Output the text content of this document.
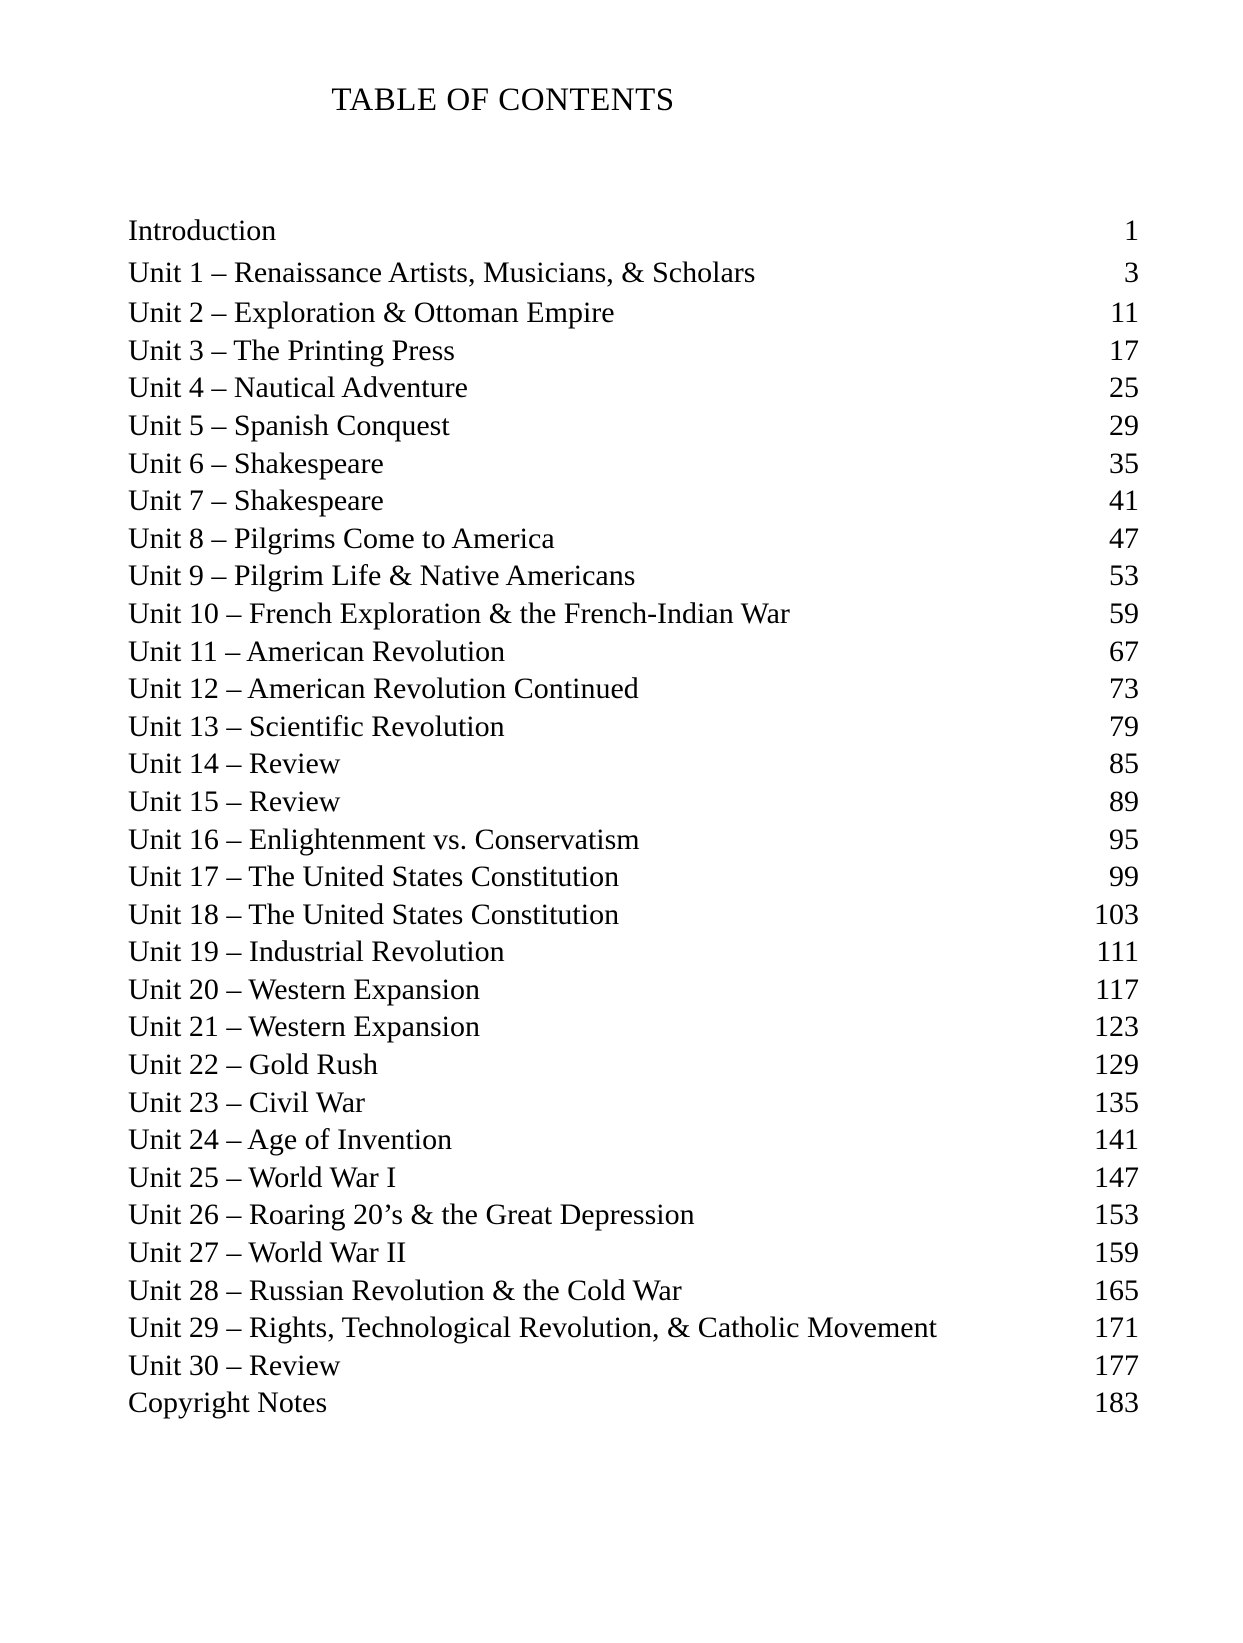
TABLE OF CONTENTS
Introduction	1
Unit 1 – Renaissance Artists, Musicians, & Scholars	3
Unit 2 – Exploration & Ottoman Empire	11
Unit 3 – The Printing Press	17
Unit 4 – Nautical Adventure	25
Unit 5 – Spanish Conquest	29
Unit 6 – Shakespeare	35
Unit 7 – Shakespeare	41
Unit 8 – Pilgrims Come to America	47
Unit 9 – Pilgrim Life & Native Americans	53
Unit 10 – French Exploration & the French-Indian War	59
Unit 11 – American Revolution	67
Unit 12 – American Revolution Continued	73
Unit 13 – Scientific Revolution	79
Unit 14 – Review	85
Unit 15 – Review	89
Unit 16 – Enlightenment vs. Conservatism	95
Unit 17 – The United States Constitution	99
Unit 18 – The United States Constitution	103
Unit 19 – Industrial Revolution	111
Unit 20 – Western Expansion	117
Unit 21 – Western Expansion	123
Unit 22 – Gold Rush	129
Unit 23 – Civil War	135
Unit 24 – Age of Invention	141
Unit 25 – World War I	147
Unit 26 – Roaring 20’s & the Great Depression	153
Unit 27 – World War II	159
Unit 28 – Russian Revolution & the Cold War	165
Unit 29 – Rights, Technological Revolution, & Catholic Movement	171
Unit 30 – Review	177
Copyright Notes	183
